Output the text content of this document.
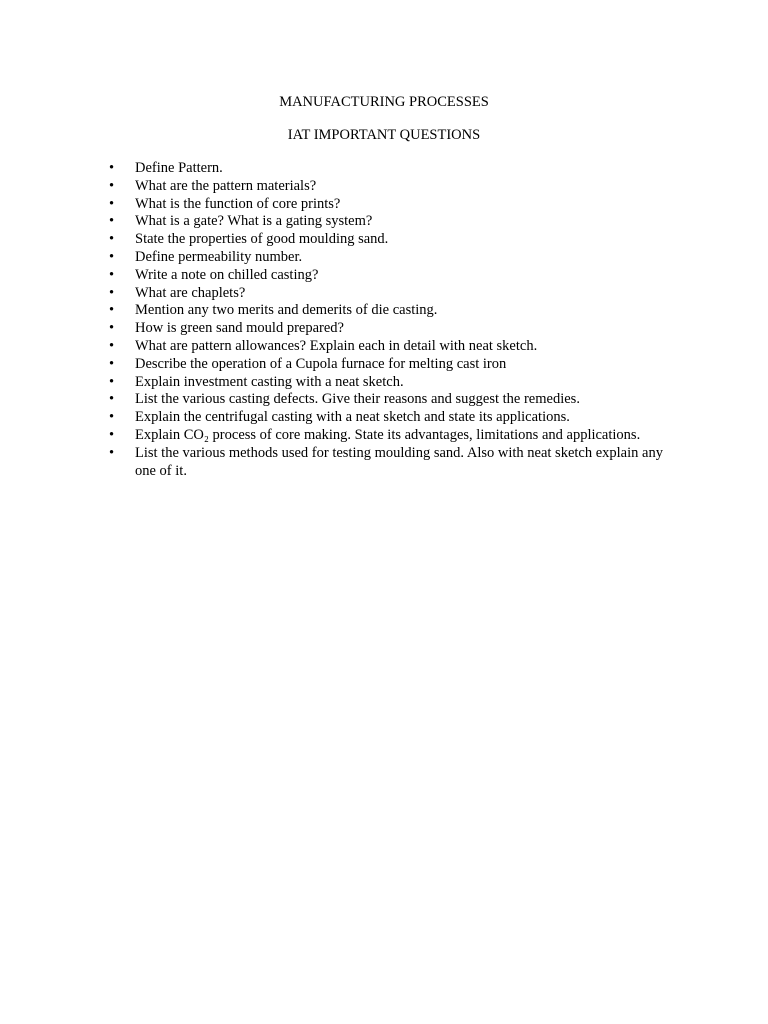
MANUFACTURING PROCESSES
IAT IMPORTANT QUESTIONS
•	Define Pattern.
•	What are the pattern materials?
•	What is the function of core prints?
•	What is a gate? What is a gating system?
•	State the properties of good moulding sand.
•	Define permeability number.
•	Write a note on chilled casting?
•	What are chaplets?
•	Mention any two merits and demerits of die casting.
•	How is green sand mould prepared?
•	What are pattern allowances? Explain each in detail with neat sketch.
•	Describe the operation of a Cupola furnace for melting cast iron
•	Explain investment casting with a neat sketch.
•	List the various casting defects. Give their reasons and suggest the remedies.
•	Explain the centrifugal casting with a neat sketch and state its applications.
•	Explain CO₂ process of core making. State its advantages, limitations and applications.
•	List the various methods used for testing moulding sand. Also with neat sketch explain any one of it.
